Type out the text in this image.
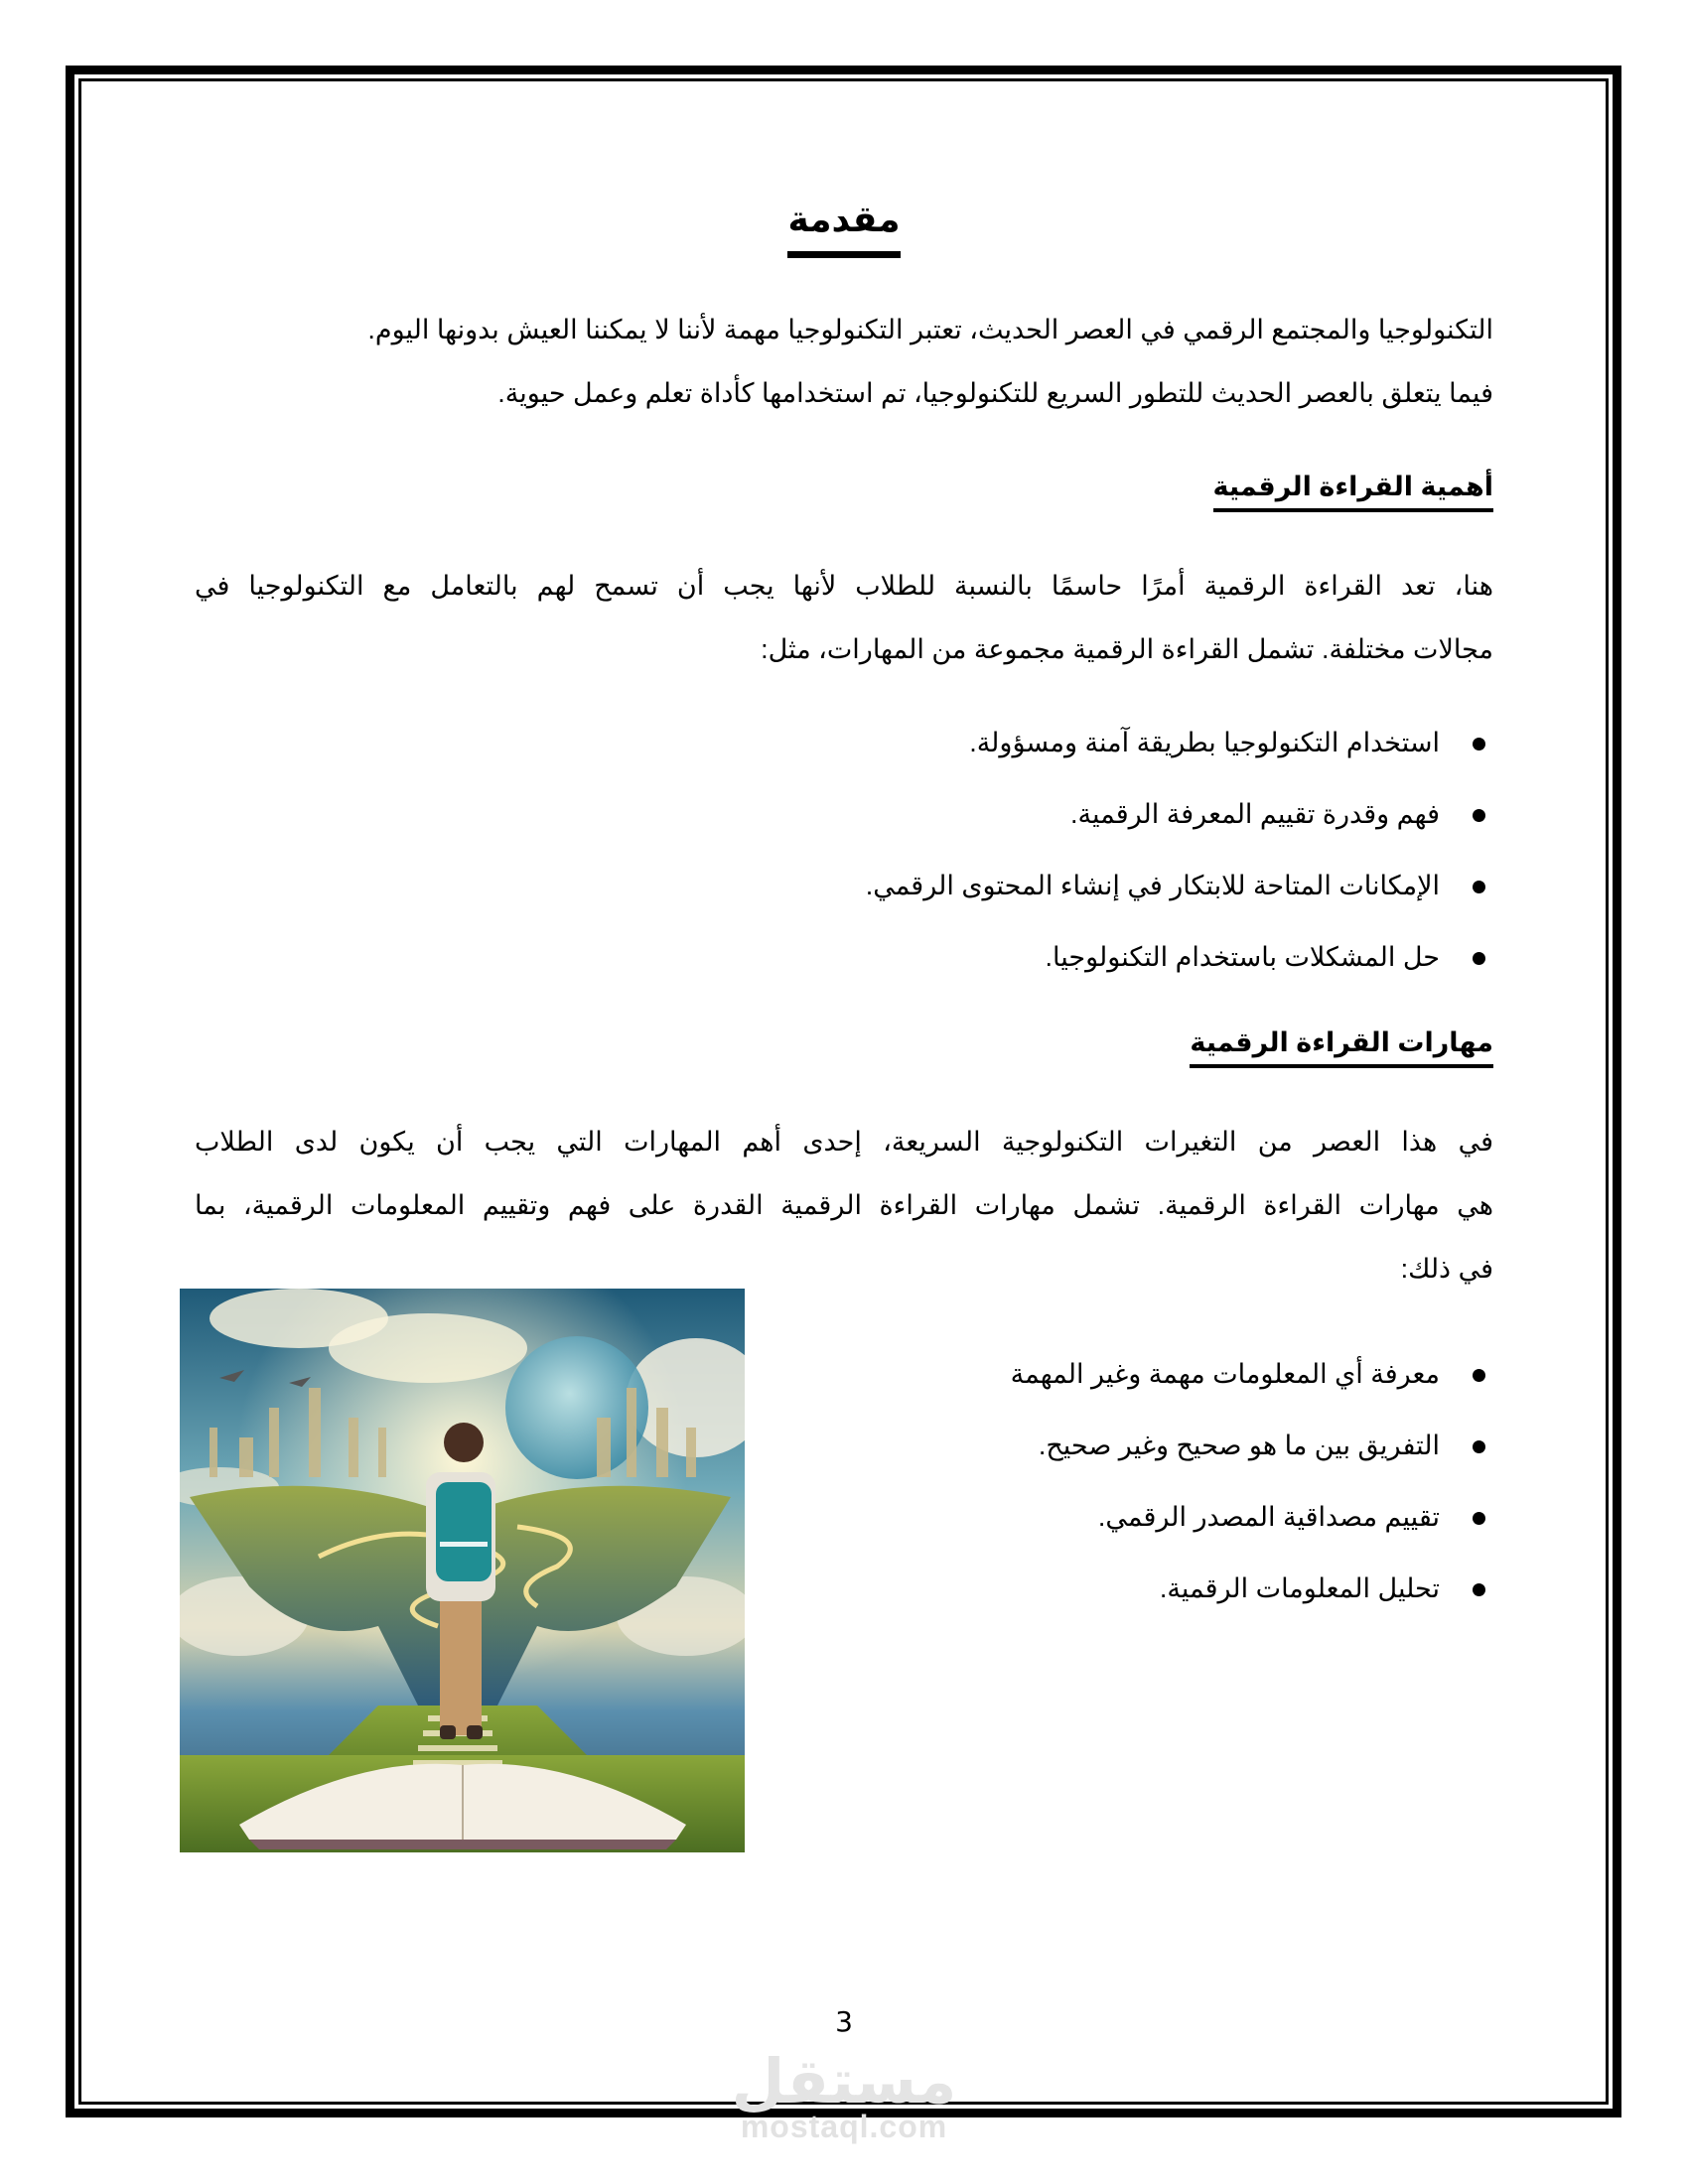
مقدمة

التكنولوجيا والمجتمع الرقمي في العصر الحديث، تعتبر التكنولوجيا مهمة لأننا لا يمكننا العيش بدونها اليوم.

فيما يتعلق بالعصر الحديث للتطور السريع للتكنولوجيا، تم استخدامها كأداة تعلم وعمل حيوية.

أهمية القراءة الرقمية

هنا، تعد القراءة الرقمية أمرًا حاسمًا بالنسبة للطلاب لأنها يجب أن تسمح لهم بالتعامل مع التكنولوجيا في

مجالات مختلفة. تشمل القراءة الرقمية مجموعة من المهارات، مثل:

استخدام التكنولوجيا بطريقة آمنة ومسؤولة.
فهم وقدرة تقييم المعرفة الرقمية.
الإمكانات المتاحة للابتكار في إنشاء المحتوى الرقمي.
حل المشكلات باستخدام التكنولوجيا.
مهارات القراءة الرقمية

في هذا العصر من التغيرات التكنولوجية السريعة، إحدى أهم المهارات التي يجب أن يكون لدى الطلاب

هي مهارات القراءة الرقمية. تشمل مهارات القراءة الرقمية القدرة على فهم وتقييم المعلومات الرقمية، بما

في ذلك:

معرفة أي المعلومات مهمة وغير المهمة
التفريق بين ما هو صحيح وغير صحيح.
تقييم مصداقية المصدر الرقمي.
تحليل المعلومات الرقمية.
3
مستقل
mostaql.com
